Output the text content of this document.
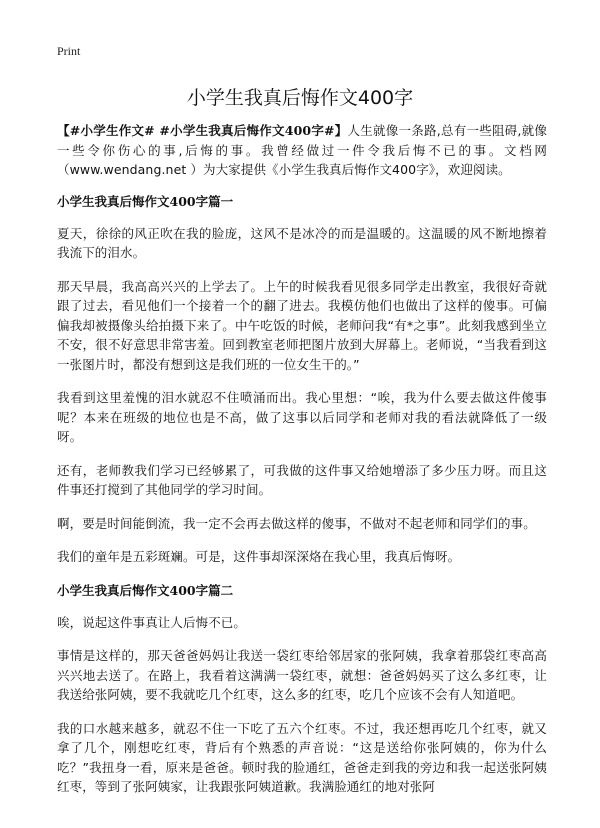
Print
小学生我真后悔作文400字

【#小学生作文# #小学生我真后悔作文400字#】人生就像一条路,总有一些阻碍,就像一些令你伤心的事,后悔的事。我曾经做过一件令我后悔不已的事。文档网（www.wendang.net ）为大家提供《小学生我真后悔作文400字》，欢迎阅读。

小学生我真后悔作文400字篇一

夏天，徐徐的风正吹在我的脸庞，这风不是冰冷的而是温暖的。这温暖的风不断地擦着我流下的泪水。

那天早晨，我高高兴兴的上学去了。上午的时候我看见很多同学走出教室，我很好奇就跟了过去，看见他们一个接着一个的翻了进去。我模仿他们也做出了这样的傻事。可偏偏我却被摄像头给拍摄下来了。中午吃饭的时候，老师问我“有*之事”。此刻我感到坐立不安，很不好意思非常害羞。回到教室老师把图片放到大屏幕上。老师说，“当我看到这一张图片时，都没有想到这是我们班的一位女生干的。”

我看到这里羞愧的泪水就忍不住喷涌而出。我心里想：“唉，我为什么要去做这件傻事呢？本来在班级的地位也是不高，做了这事以后同学和老师对我的看法就降低了一级呀。

还有，老师教我们学习已经够累了，可我做的这件事又给她增添了多少压力呀。而且这件事还打搅到了其他同学的学习时间。

啊，要是时间能倒流，我一定不会再去做这样的傻事，不做对不起老师和同学们的事。

我们的童年是五彩斑斓。可是，这件事却深深烙在我心里，我真后悔呀。

小学生我真后悔作文400字篇二

唉，说起这件事真让人后悔不已。

事情是这样的，那天爸爸妈妈让我送一袋红枣给邻居家的张阿姨，我拿着那袋红枣高高兴兴地去送了。在路上，我看着这满满一袋红枣，就想：爸爸妈妈买了这么多红枣，让我送给张阿姨，要不我就吃几个红枣，这么多的红枣，吃几个应该不会有人知道吧。

我的口水越来越多，就忍不住一下吃了五六个红枣。不过，我还想再吃几个红枣，就又拿了几个，刚想吃红枣，背后有个熟悉的声音说：“这是送给你张阿姨的，你为什么吃？”我扭身一看，原来是爸爸。顿时我的脸通红，爸爸走到我的旁边和我一起送张阿姨红枣，等到了张阿姨家，让我跟张阿姨道歉。我满脸通红的地对张阿
